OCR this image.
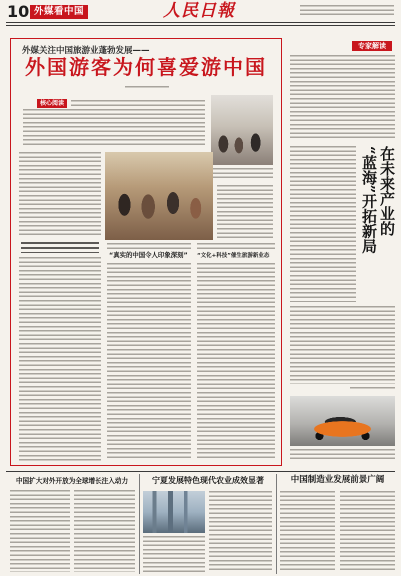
10 外媒看中国	人民日報
外媒关注中国旅游业蓬勃发展——
外国游客为何喜爱游中国
核心阅读
“真实的中国令人印象深刻” “文化+科技”催生旅游新业态
专家解读
在未来产业的
“蓝海”开拓新局
中国扩大对外开放为全球增长注入动力	宁夏发展特色现代农业成效显著	中国制造业发展前景广阔
